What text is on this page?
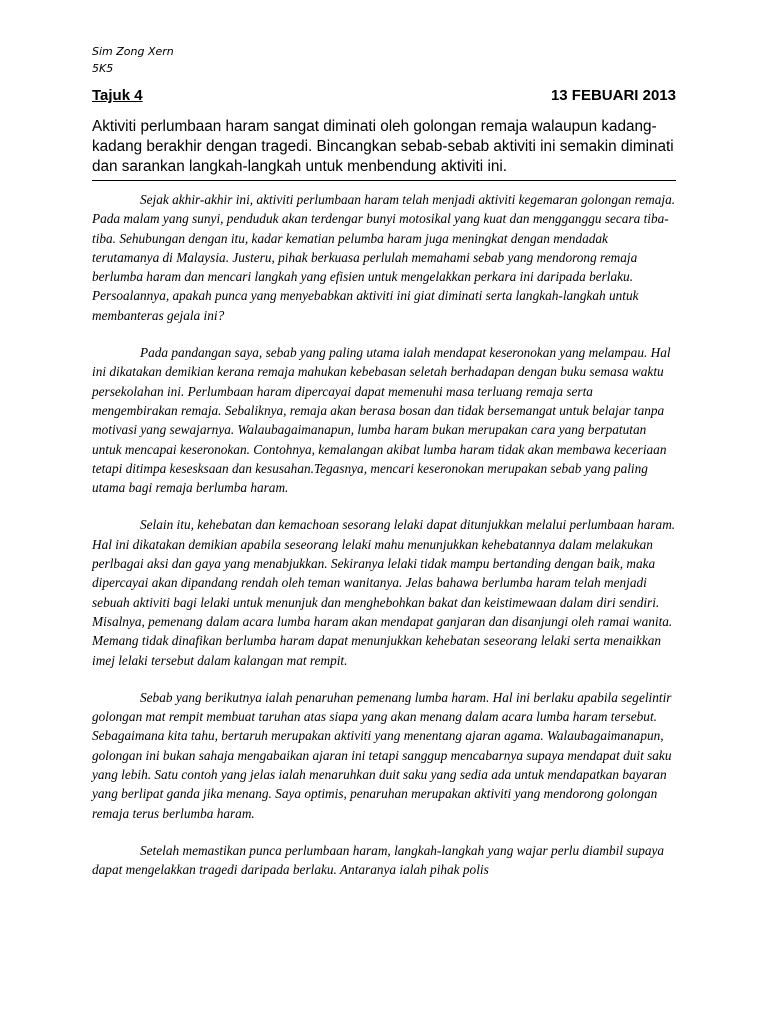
Sim Zong Xern
5K5
Tajuk 4	13 FEBUARI 2013
Aktiviti perlumbaan haram sangat diminati oleh golongan remaja walaupun kadang-kadang berakhir dengan tragedi. Bincangkan sebab-sebab aktiviti ini semakin diminati dan sarankan langkah-langkah untuk menbendung aktiviti ini.

Sejak akhir-akhir ini, aktiviti perlumbaan haram telah menjadi aktiviti kegemaran golongan remaja. Pada malam yang sunyi, penduduk akan terdengar bunyi motosikal yang kuat dan mengganggu secara tiba-tiba. Sehubungan dengan itu, kadar kematian pelumba haram juga meningkat dengan mendadak terutamanya di Malaysia. Justeru, pihak berkuasa perlulah memahami sebab yang mendorong remaja berlumba haram dan mencari langkah yang efisien untuk mengelakkan perkara ini daripada berlaku. Persoalannya, apakah punca yang menyebabkan aktiviti ini giat diminati serta langkah-langkah untuk membanteras gejala ini?

Pada pandangan saya, sebab yang paling utama ialah mendapat keseronokan yang melampau. Hal ini dikatakan demikian kerana remaja mahukan kebebasan seletah berhadapan dengan buku semasa waktu persekolahan ini. Perlumbaan haram dipercayai dapat memenuhi masa terluang remaja serta mengembirakan remaja. Sebaliknya, remaja akan berasa bosan dan tidak bersemangat untuk belajar tanpa motivasi yang sewajarnya. Walaubagaimanapun, lumba haram bukan merupakan cara yang berpatutan untuk mencapai keseronokan. Contohnya, kemalangan akibat lumba haram tidak akan membawa keceriaan tetapi ditimpa kesesksaan dan kesusahan.Tegasnya, mencari keseronokan merupakan sebab yang paling utama bagi remaja berlumba haram.

Selain itu, kehebatan dan kemachoan sesorang lelaki dapat ditunjukkan melalui perlumbaan haram. Hal ini dikatakan demikian apabila seseorang lelaki mahu menunjukkan kehebatannya dalam melakukan perlbagai aksi dan gaya yang menabjukkan. Sekiranya lelaki tidak mampu bertanding dengan baik, maka dipercayai akan dipandang rendah oleh teman wanitanya. Jelas bahawa berlumba haram telah menjadi sebuah aktiviti bagi lelaki untuk menunjuk dan menghebohkan bakat dan keistimewaan dalam diri sendiri. Misalnya, pemenang dalam acara lumba haram akan mendapat ganjaran dan disanjungi oleh ramai wanita. Memang tidak dinafikan berlumba haram dapat menunjukkan kehebatan seseorang lelaki serta menaikkan imej lelaki tersebut dalam kalangan mat rempit.

Sebab yang berikutnya ialah penaruhan pemenang lumba haram. Hal ini berlaku apabila segelintir golongan mat rempit membuat taruhan atas siapa yang akan menang dalam acara lumba haram tersebut. Sebagaimana kita tahu, bertaruh merupakan aktiviti yang menentang ajaran agama. Walaubagaimanapun, golongan ini bukan sahaja mengabaikan ajaran ini tetapi sanggup mencabarnya supaya mendapat duit saku yang lebih. Satu contoh yang jelas ialah menaruhkan duit saku yang sedia ada untuk mendapatkan bayaran yang berlipat ganda jika menang. Saya optimis, penaruhan merupakan aktiviti yang mendorong golongan remaja terus berlumba haram.

Setelah memastikan punca perlumbaan haram, langkah-langkah yang wajar perlu diambil supaya dapat mengelakkan tragedi daripada berlaku. Antaranya ialah pihak polis
